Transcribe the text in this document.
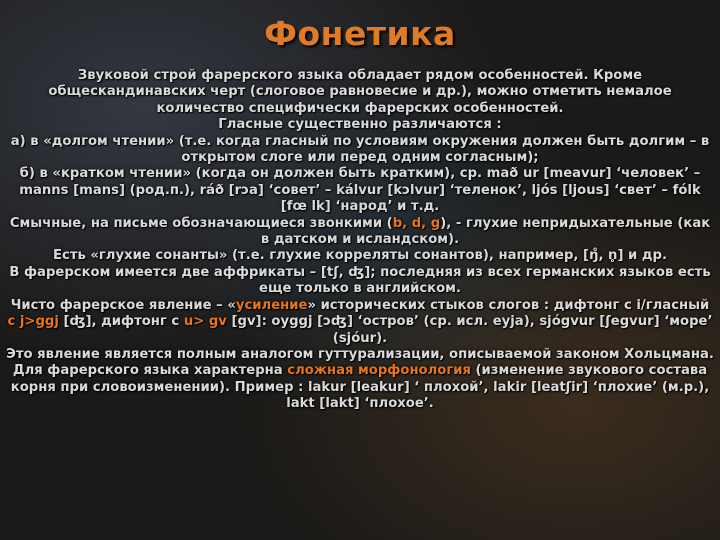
Фонетика

Звуковой строй фарерского языка обладает рядом особенностей. Кроме общескандинавских черт (слоговое равновесие и др.), можно отметить немалое количество специфически фарерских особенностей.

Гласные существенно различаются :

а) в «долгом чтении» (т.е. когда гласный по условиям окружения должен быть долгим – в открытом слоге или перед одним согласным);

б) в «кратком чтении» (когда он должен быть кратким), ср. mað ur [meavur] ‘человек’ – manns [mans] (род.п.), ráð [rɔa] ‘совет’ – kálvur [kɔlvur] ‘теленок’, ljós [ljous] ‘свет’ – fólk [fœ lk] ‘народ’ и т.д.

Смычные, на письме обозначающиеся звонкими (b, d, g), - глухие непридыхательные (как в датском и исландском).

Есть «глухие сонанты» (т.е. глухие корреляты сонантов), например, [ŋ̊, n̥] и др.

В фарерском имеется две аффрикаты – [tʃ, ʤ]; последняя из всех германских языков есть еще только в английском.

Чисто фарерское явление – «усиление» исторических стыков слогов : дифтонг с i/гласный c j>ggj [ʤ], дифтонг с u> gv [gv]: oyggj [ɔʤ] ‘остров’ (ср. исл. eyja), sjógvur [ʃegvur] ‘море’ (sjóur).

Это явление является полным аналогом гуттурализации, описываемой законом Хольцмана.

Для фарерского языка характерна сложная морфонология (изменение звукового состава корня при словоизменении). Пример : lakur [leakur] ‘ плохой’, lakir [leatʃir] ‘плохие’ (м.р.), lakt [lakt] ‘плохое’.
